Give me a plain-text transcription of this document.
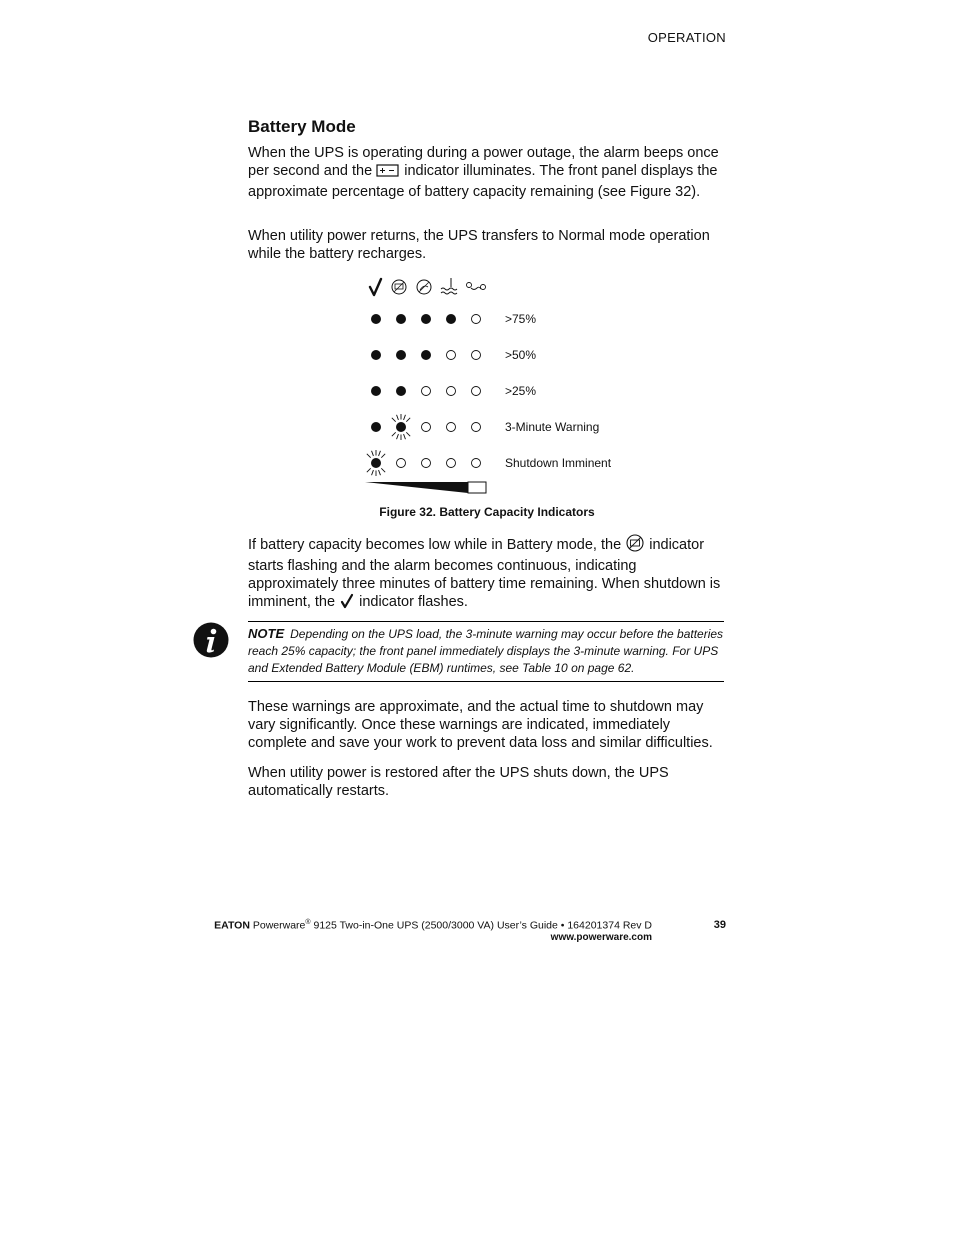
OPERATION
Battery Mode
When the UPS is operating during a power outage, the alarm beeps once per second and the indicator illuminates. The front panel displays the approximate percentage of battery capacity remaining (see Figure 32).
When utility power returns, the UPS transfers to Normal mode operation while the battery recharges.
>75%
>50%
>25%
3-Minute Warning
Shutdown Imminent
Figure 32. Battery Capacity Indicators
If battery capacity becomes low while in Battery mode, the indicator starts flashing and the alarm becomes continuous, indicating approximately three minutes of battery time remaining. When shutdown is imminent, the indicator flashes.
NOTE Depending on the UPS load, the 3-minute warning may occur before the batteries reach 25% capacity; the front panel immediately displays the 3-minute warning. For UPS and Extended Battery Module (EBM) runtimes, see Table 10 on page 62.
These warnings are approximate, and the actual time to shutdown may vary significantly. Once these warnings are indicated, immediately complete and save your work to prevent data loss and similar difficulties.
When utility power is restored after the UPS shuts down, the UPS automatically restarts.
EATON Powerware® 9125 Two-in-One UPS (2500/3000 VA) User’s Guide • 164201374 Rev D
www.powerware.com
39
